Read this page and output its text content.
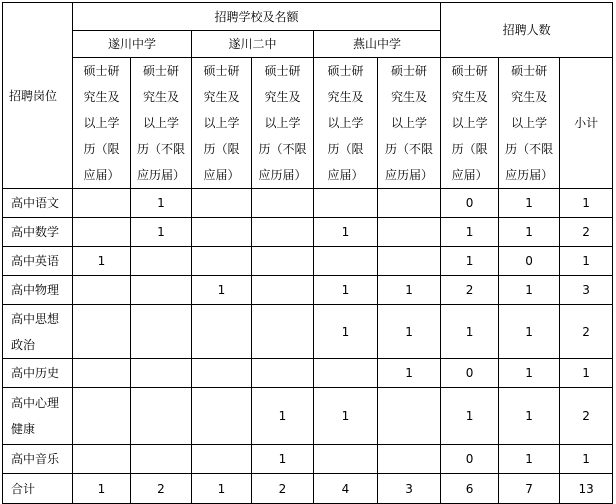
招聘岗位	招聘学校及名额						招聘人数		
	遂川中学		遂川二中		燕山中学				

	硕士研
究生及
以上学
历（限
应届）	硕士研
究生及
以上学
历（不限
应历届）	硕士研
究生及
以上学
历（限
应届）	硕士研
究生及
以上学
历（不限
应历届）	硕士研
究生及
以上学
历（限
应届）	硕士研
究生及
以上学
历（不限
应历届）	硕士研
究生及
以上学
历（限
应届）	硕士研
究生及
以上学
历（不限
应历届）	小计

高中语文		1					0	1	1

高中数学		1			1		1	1	2

高中英语	1						1	0	1

高中物理			1		1	1	2	1	3

高中思想
政治					1	1	1	1	2

高中历史						1	0	1	1

高中心理
健康				1	1		1	1	2

高中音乐				1			0	1	1
合计	1	2	1	2	4	3	6	7	13
